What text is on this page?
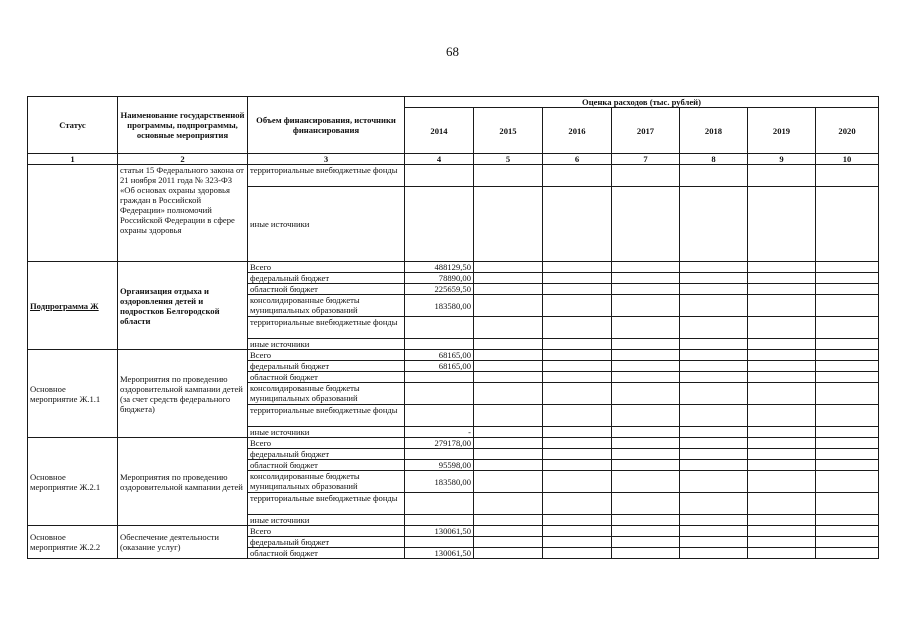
68
Статус	Наименование государственной программы, подпрограммы, основные мероприятия	Объем финансирования, источники финансирования	Оценка расходов (тыс. рублей)						
			2014	2015	2016	2017	2018	2019	2020
1	2	3	4	5	6	7	8	9	10
	статьи 15 Федерального закона от 21 ноября 2011 года № 323-ФЗ «Об основах охраны здоровья граждан в Российской Федерации» полномочий Российской Федерации в сфере охраны здоровья	территориальные внебюджетные фонды							
		иные источники							
Подпрограмма Ж	Организация отдыха и оздоровления детей и подростков Белгородской области	Всего	488129,50						
		федеральный бюджет	78890,00						
		областной бюджет	225659,50						
		консолидированные бюджеты муниципальных образований	183580,00						
		территориальные внебюджетные фонды							
		иные источники							
Основное мероприятие Ж.1.1	Мероприятия по проведению оздоровительной кампании детей (за счет средств федерального бюджета)	Всего	68165,00						
		федеральный бюджет	68165,00						
		областной бюджет							
		консолидированные бюджеты муниципальных образований							
		территориальные внебюджетные фонды							
		иные источники	-						
Основное мероприятие Ж.2.1	Мероприятия по проведению оздоровительной кампании детей	Всего	279178,00						
		федеральный бюджет							
		областной бюджет	95598,00						
		консолидированные бюджеты муниципальных образований	183580,00						
		территориальные внебюджетные фонды							
		иные источники							
Основное мероприятие Ж.2.2	Обеспечение деятельности (оказание услуг)	Всего	130061,50						
		федеральный бюджет							
		областной бюджет	130061,50						
